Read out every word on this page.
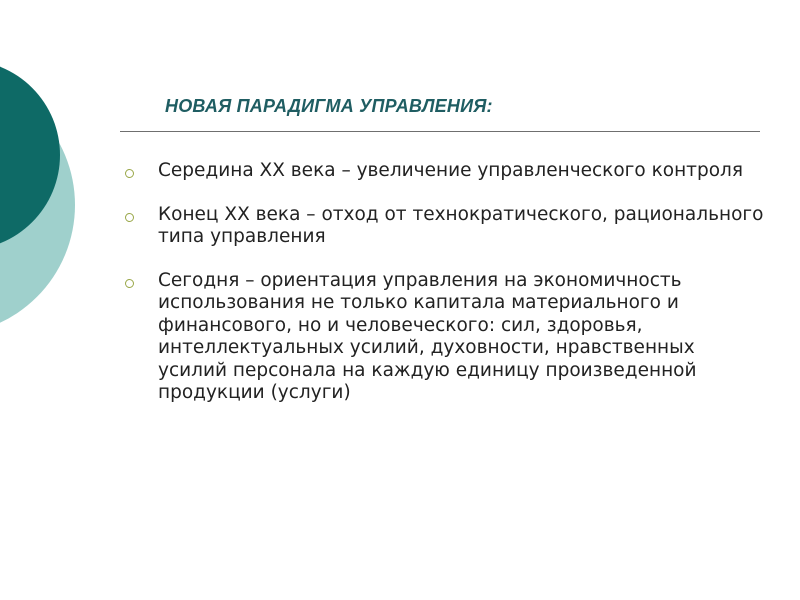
НОВАЯ ПАРАДИГМА УПРАВЛЕНИЯ:
Середина XX века – увеличение управленческого контроля
Конец XX века – отход от технократического, рационального типа управления
Сегодня – ориентация управления на экономичность использования не только капитала материального и финансового, но и человеческого: сил, здоровья, интеллектуальных усилий, духовности, нравственных усилий персонала на каждую единицу произведенной продукции (услуги)
